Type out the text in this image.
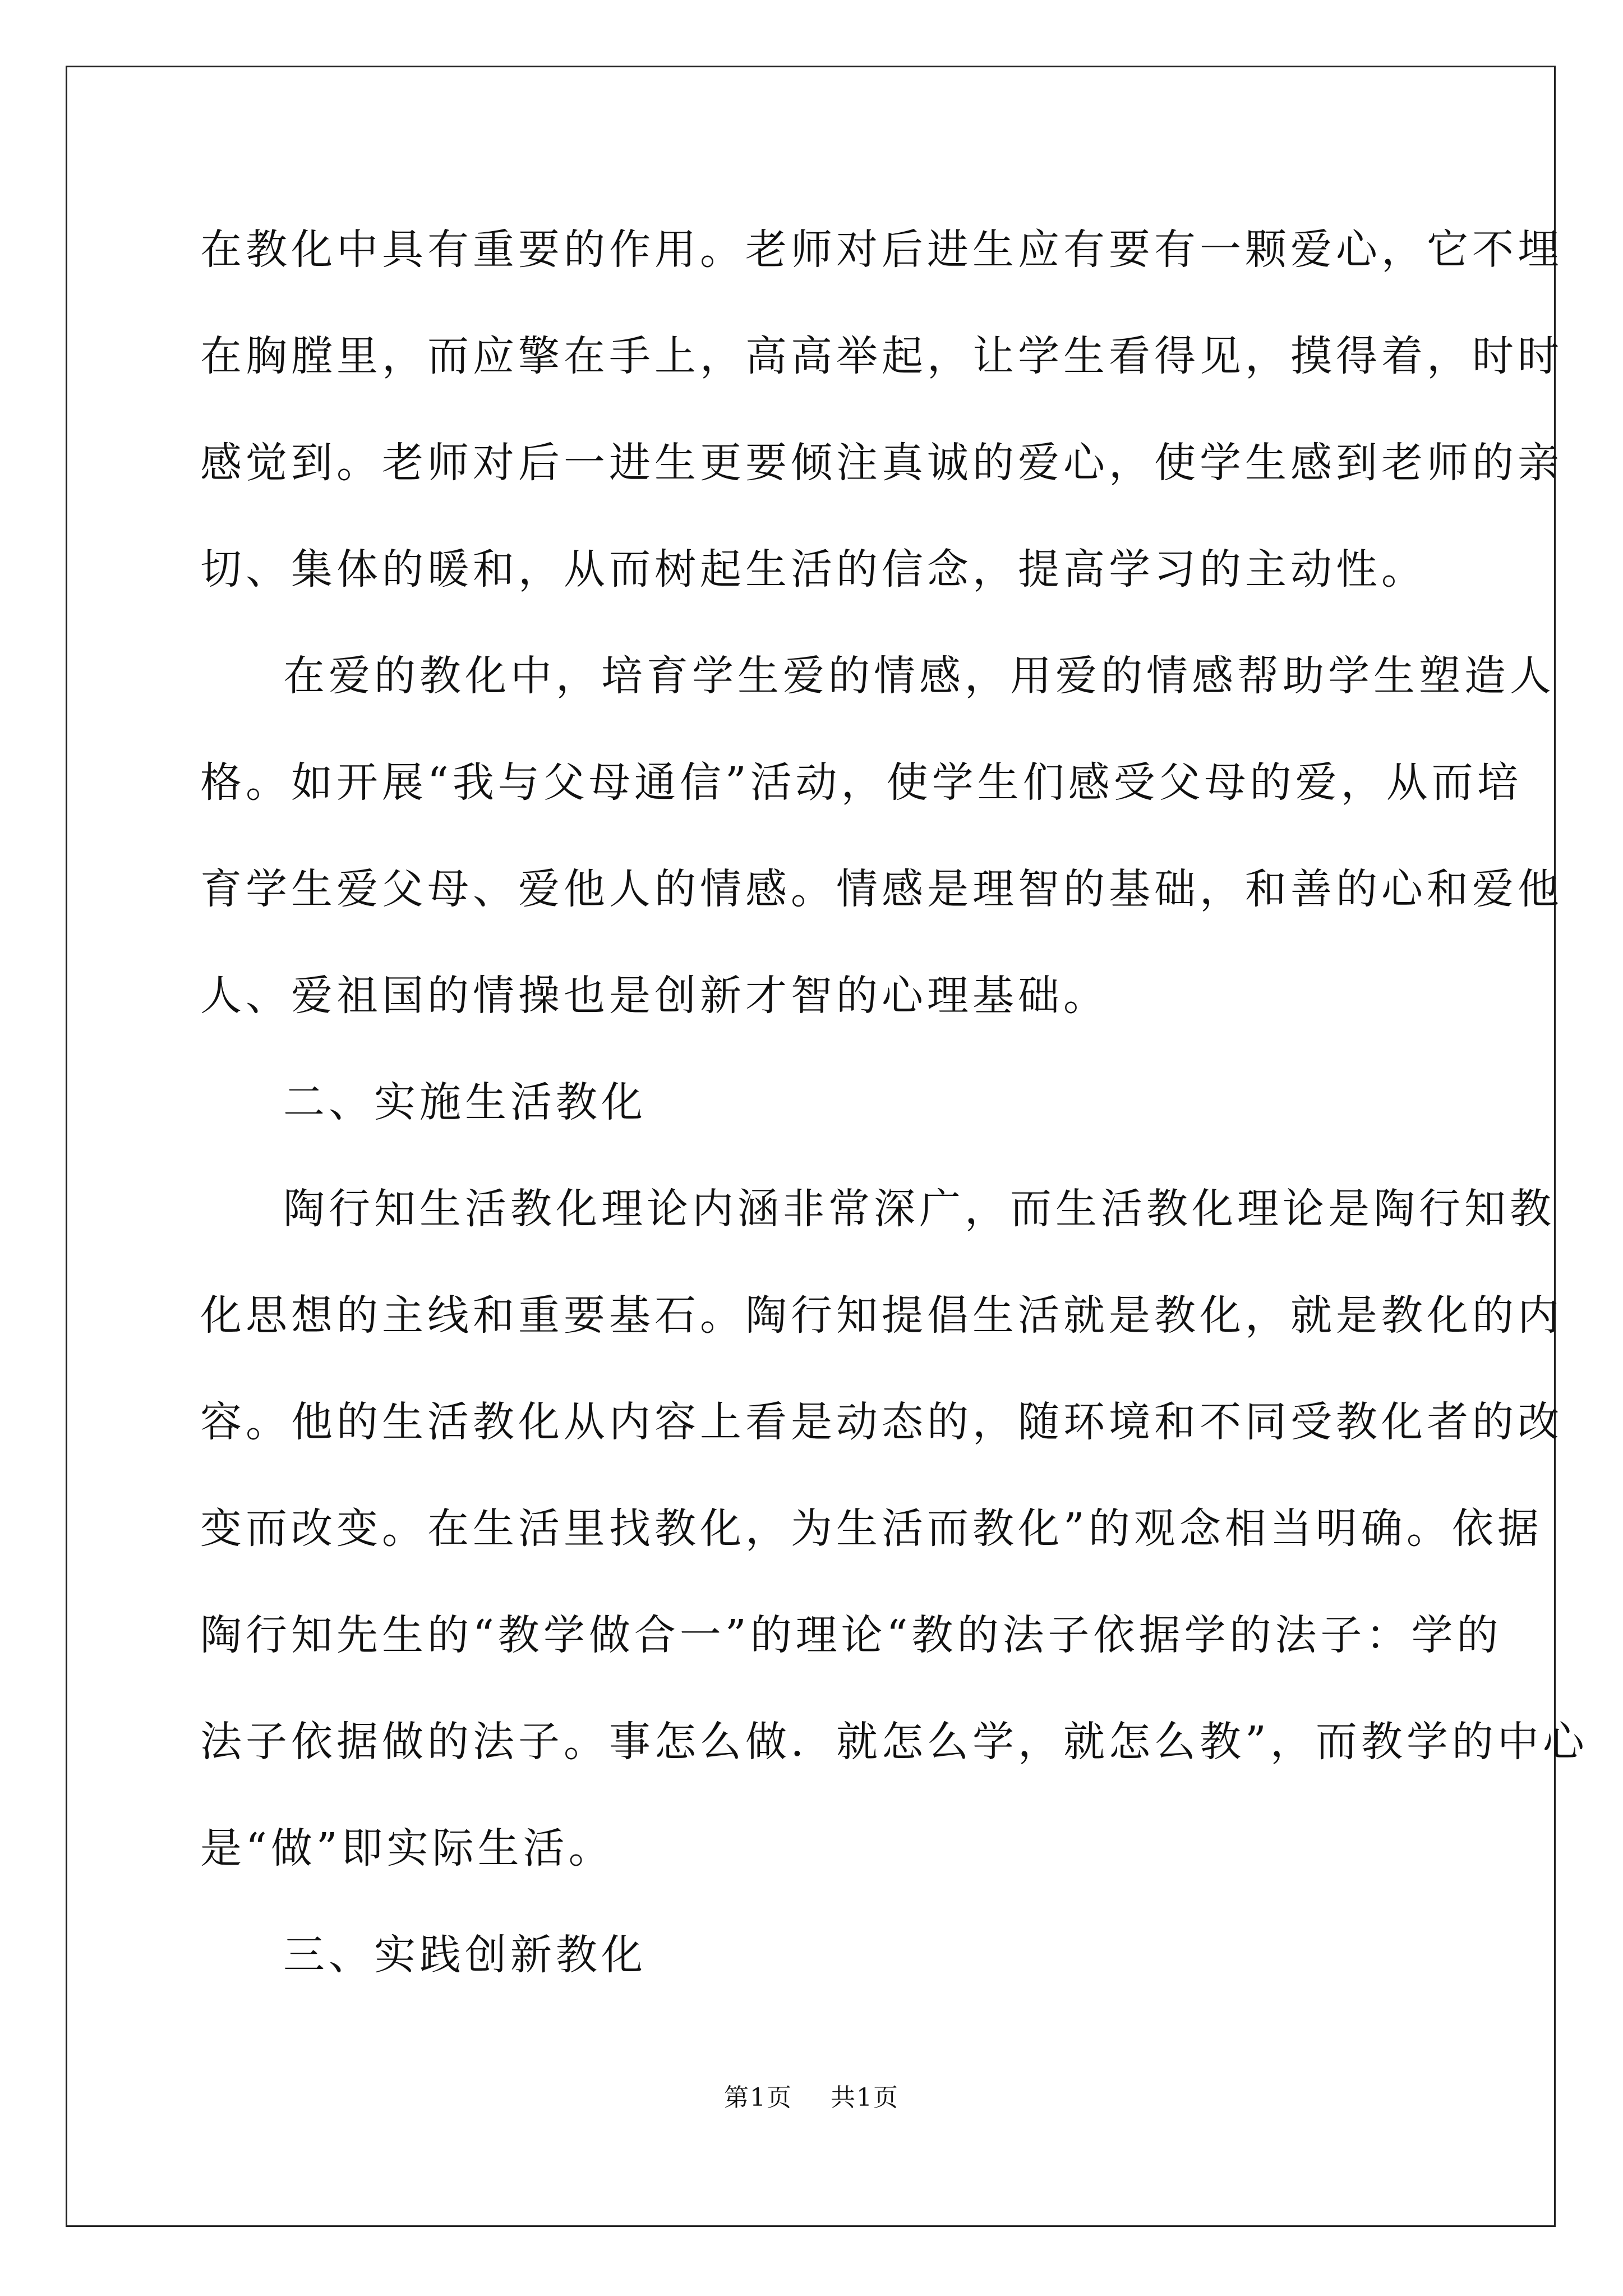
在教化中具有重要的作用。老师对后进生应有要有一颗爱心，它不埋
在胸膛里，而应擎在手上，高高举起，让学生看得见，摸得着，时时
感觉到。老师对后一进生更要倾注真诚的爱心，使学生感到老师的亲
切、集体的暖和，从而树起生活的信念，提高学习的主动性。
在爱的教化中，培育学生爱的情感，用爱的情感帮助学生塑造人
格。如开展“我与父母通信”活动，使学生们感受父母的爱，从而培
育学生爱父母、爱他人的情感。情感是理智的基础，和善的心和爱他
人、爱祖国的情操也是创新才智的心理基础。
二、实施生活教化
陶行知生活教化理论内涵非常深广，而生活教化理论是陶行知教
化思想的主线和重要基石。陶行知提倡生活就是教化，就是教化的内
容。他的生活教化从内容上看是动态的，随环境和不同受教化者的改
变而改变。在生活里找教化，为生活而教化”的观念相当明确。依据
陶行知先生的“教学做合一”的理论“教的法子依据学的法子：学的
法子依据做的法子。事怎么做．就怎么学，就怎么教”，而教学的中心
是“做”即实际生活。
三、实践创新教化
第1页 共1页
